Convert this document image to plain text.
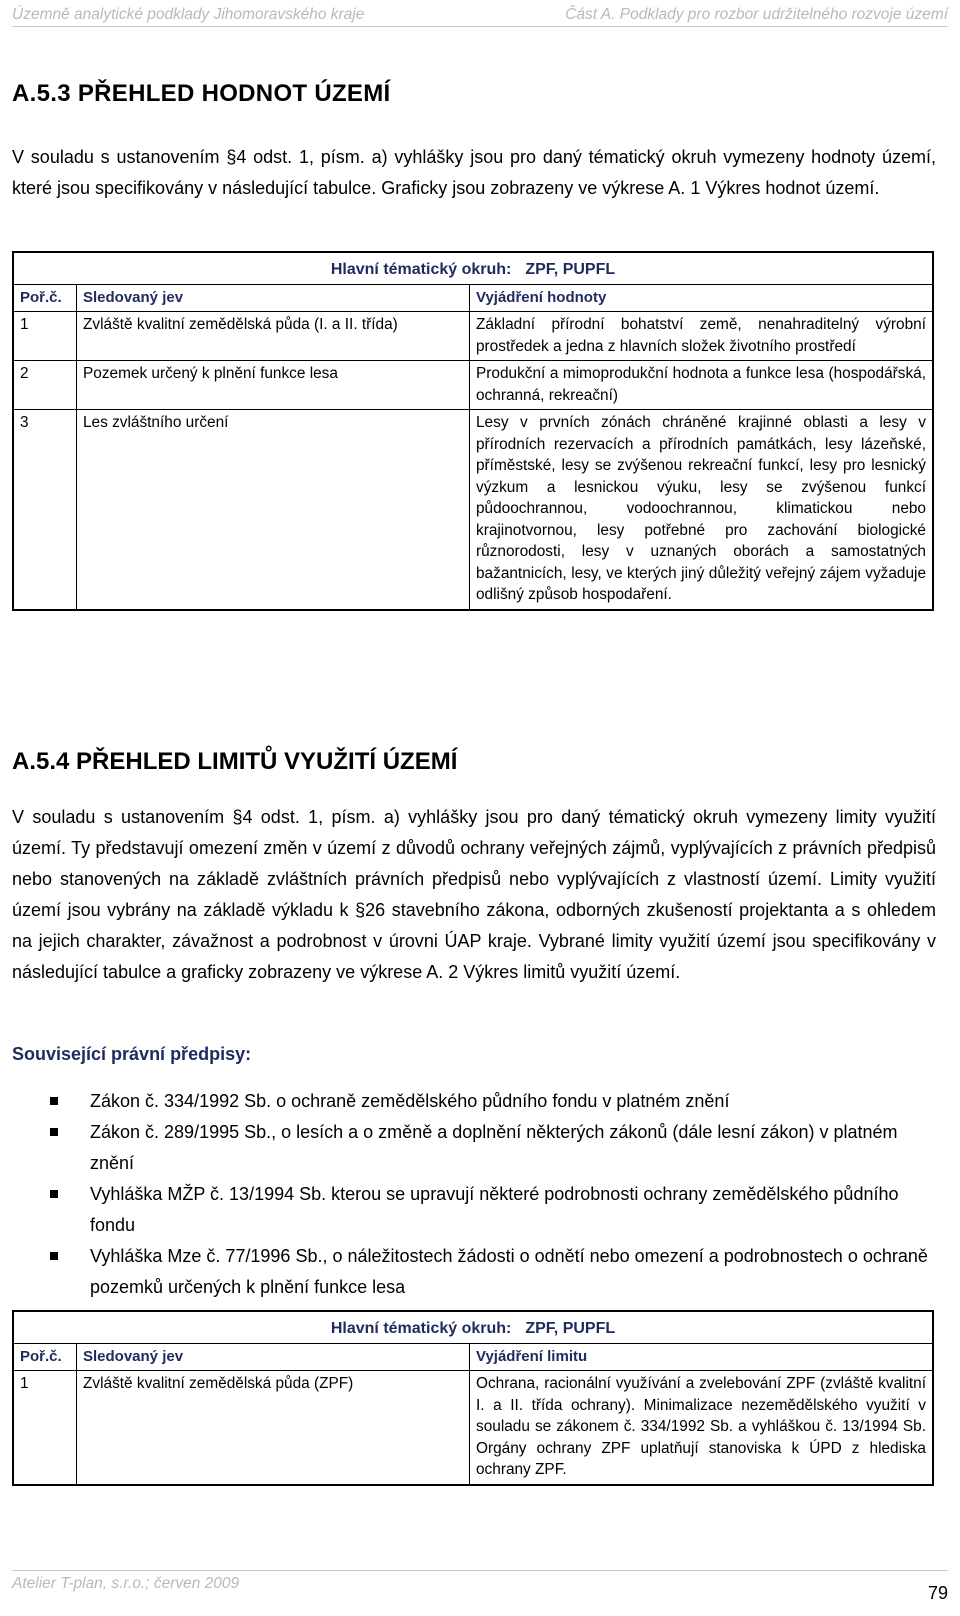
Územně analytické podklady Jihomoravského kraje	Část A. Podklady pro rozbor udržitelného rozvoje území
A.5.3 PŘEHLED HODNOT ÚZEMÍ
V souladu s ustanovením §4 odst. 1, písm. a) vyhlášky jsou pro daný tématický okruh vymezeny hodnoty území, které jsou specifikovány v následující tabulce. Graficky jsou zobrazeny ve výkrese A. 1 Výkres hodnot území.
Hlavní tématický okruh: ZPF, PUPFL		
Poř.č.	Sledovaný jev	Vyjádření hodnoty
1	Zvláště kvalitní zemědělská půda (I. a II. třída)	Základní přírodní bohatství země, nenahraditelný výrobní prostředek a jedna z hlavních složek životního prostředí
2	Pozemek určený k plnění funkce lesa	Produkční a mimoprodukční hodnota a funkce lesa (hospodářská, ochranná, rekreační)
3	Les zvláštního určení	Lesy v prvních zónách chráněné krajinné oblasti a lesy v přírodních rezervacích a přírodních památkách, lesy lázeňské, příměstské, lesy se zvýšenou rekreační funkcí, lesy pro lesnický výzkum a lesnickou výuku, lesy se zvýšenou funkcí půdoochrannou, vodoochrannou, klimatickou nebo krajinotvornou, lesy potřebné pro zachování biologické různorodosti, lesy v uznaných oborách a samostatných bažantnicích, lesy, ve kterých jiný důležitý veřejný zájem vyžaduje odlišný způsob hospodaření.
A.5.4 PŘEHLED LIMITŮ VYUŽITÍ ÚZEMÍ
V souladu s ustanovením §4 odst. 1, písm. a) vyhlášky jsou pro daný tématický okruh vymezeny limity využití území. Ty představují omezení změn v území z důvodů ochrany veřejných zájmů, vyplývajících z právních předpisů nebo stanovených na základě zvláštních právních předpisů nebo vyplývajících z vlastností území. Limity využití území jsou vybrány na základě výkladu k §26 stavebního zákona, odborných zkušeností projektanta a s ohledem na jejich charakter, závažnost a podrobnost v úrovni ÚAP kraje. Vybrané limity využití území jsou specifikovány v následující tabulce a graficky zobrazeny ve výkrese A. 2 Výkres limitů využití území.
Související právní předpisy:
Zákon č. 334/1992 Sb. o ochraně zemědělského půdního fondu v platném znění
Zákon č. 289/1995 Sb., o lesích a o změně a doplnění některých zákonů (dále lesní zákon) v platném znění
Vyhláška MŽP č. 13/1994 Sb. kterou se upravují některé podrobnosti ochrany zemědělského půdního fondu
Vyhláška Mze č. 77/1996 Sb., o náležitostech žádosti o odnětí nebo omezení a podrobnostech o ochraně pozemků určených k plnění funkce lesa
Hlavní tématický okruh: ZPF, PUPFL		
Poř.č.	Sledovaný jev	Vyjádření limitu
1	Zvláště kvalitní zemědělská půda (ZPF)	Ochrana, racionální využívání a zvelebování ZPF (zvláště kvalitní I. a II. třída ochrany). Minimalizace nezemědělského využití v souladu se zákonem č. 334/1992 Sb. a vyhláškou č. 13/1994 Sb. Orgány ochrany ZPF uplatňují stanoviska k ÚPD z hlediska ochrany ZPF.
Atelier T-plan, s.r.o.; červen 2009	79
